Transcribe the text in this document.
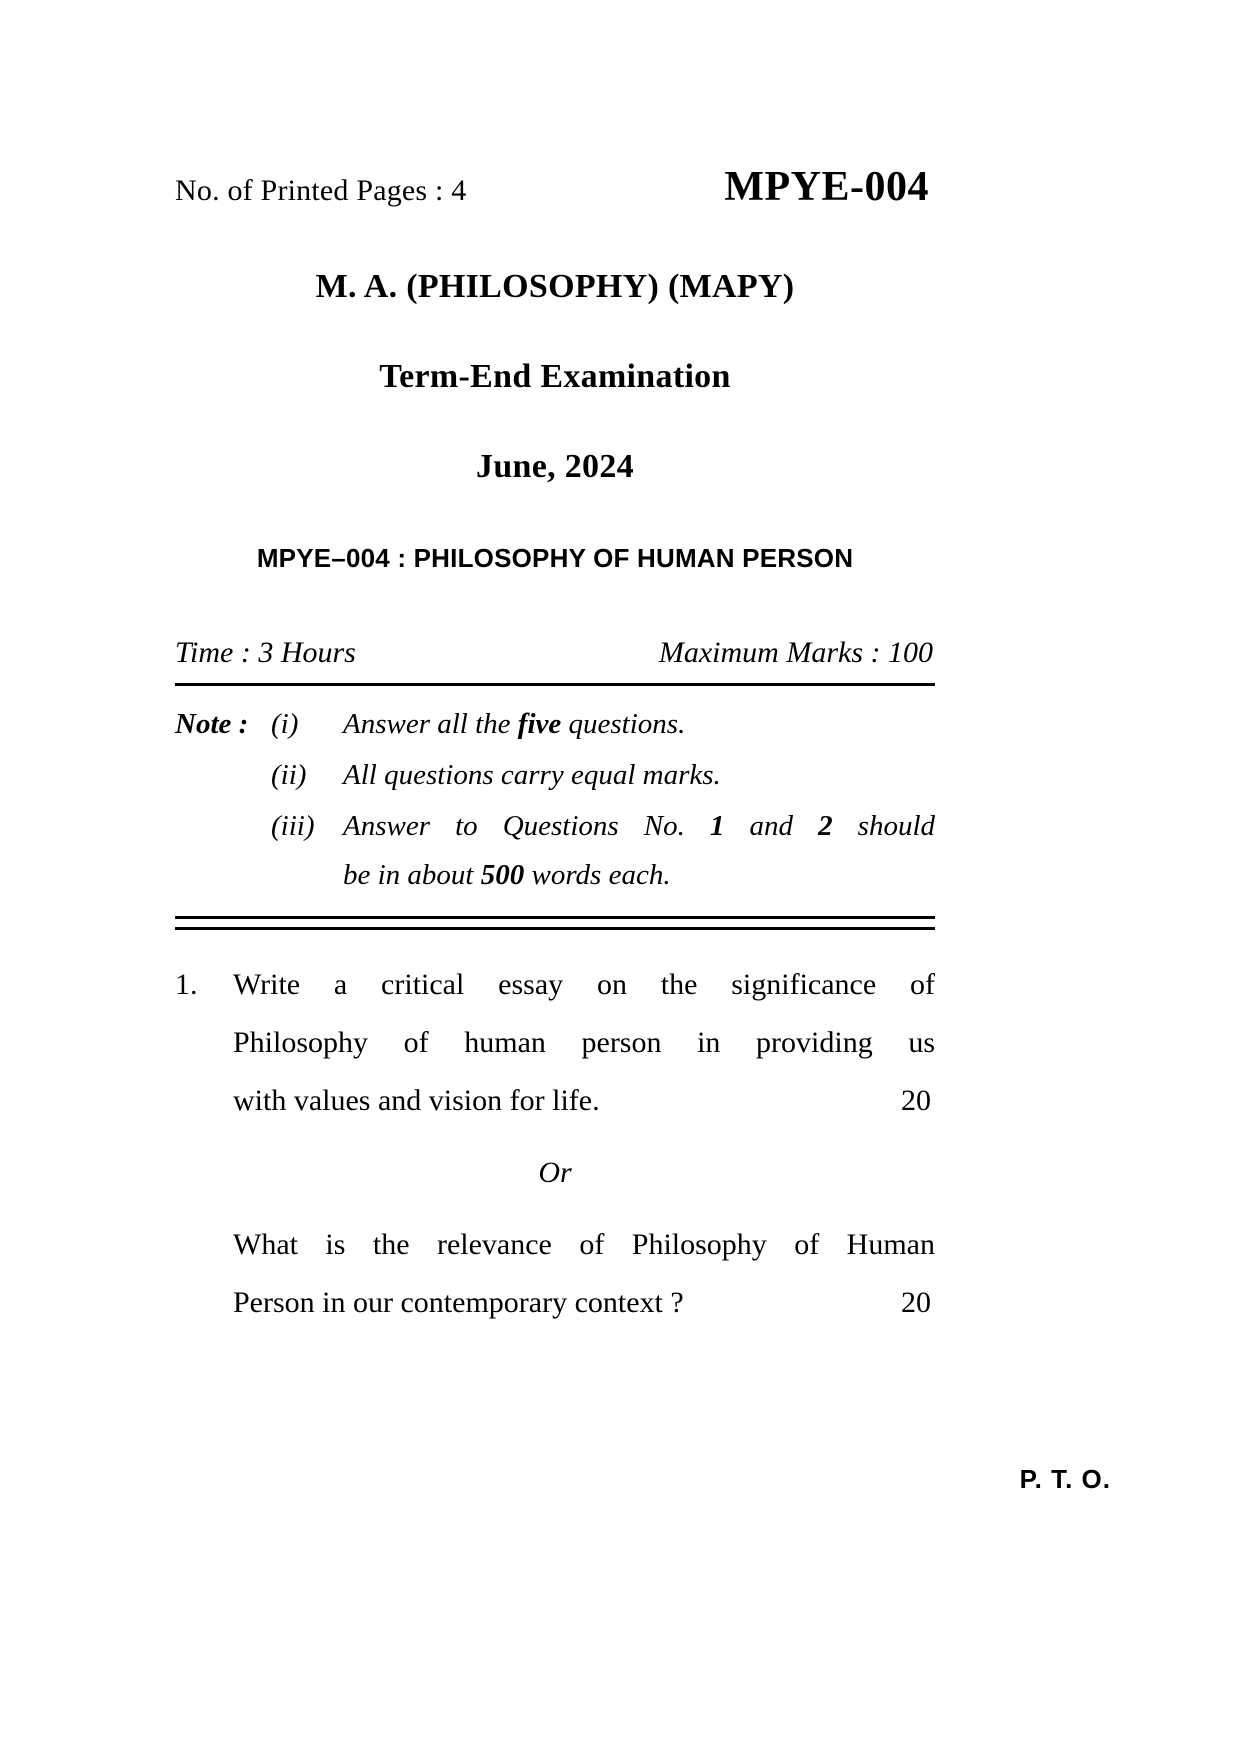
No. of Printed Pages : 4	MPYE-004
M. A. (PHILOSOPHY) (MAPY)
Term-End Examination
June, 2024
MPYE–004 : PHILOSOPHY OF HUMAN PERSON
Time : 3 Hours	Maximum Marks : 100
Note : (i)	Answer all the five questions.
(ii)	All questions carry equal marks.
(iii) Answer to Questions No. 1 and 2 should
be in about 500 words each.
1.	Write a critical essay on the significance of
Philosophy of human person in providing us
with values and vision for life.	20
Or
What is the relevance of Philosophy of Human
Person in our contemporary context ?	20
P. T. O.
